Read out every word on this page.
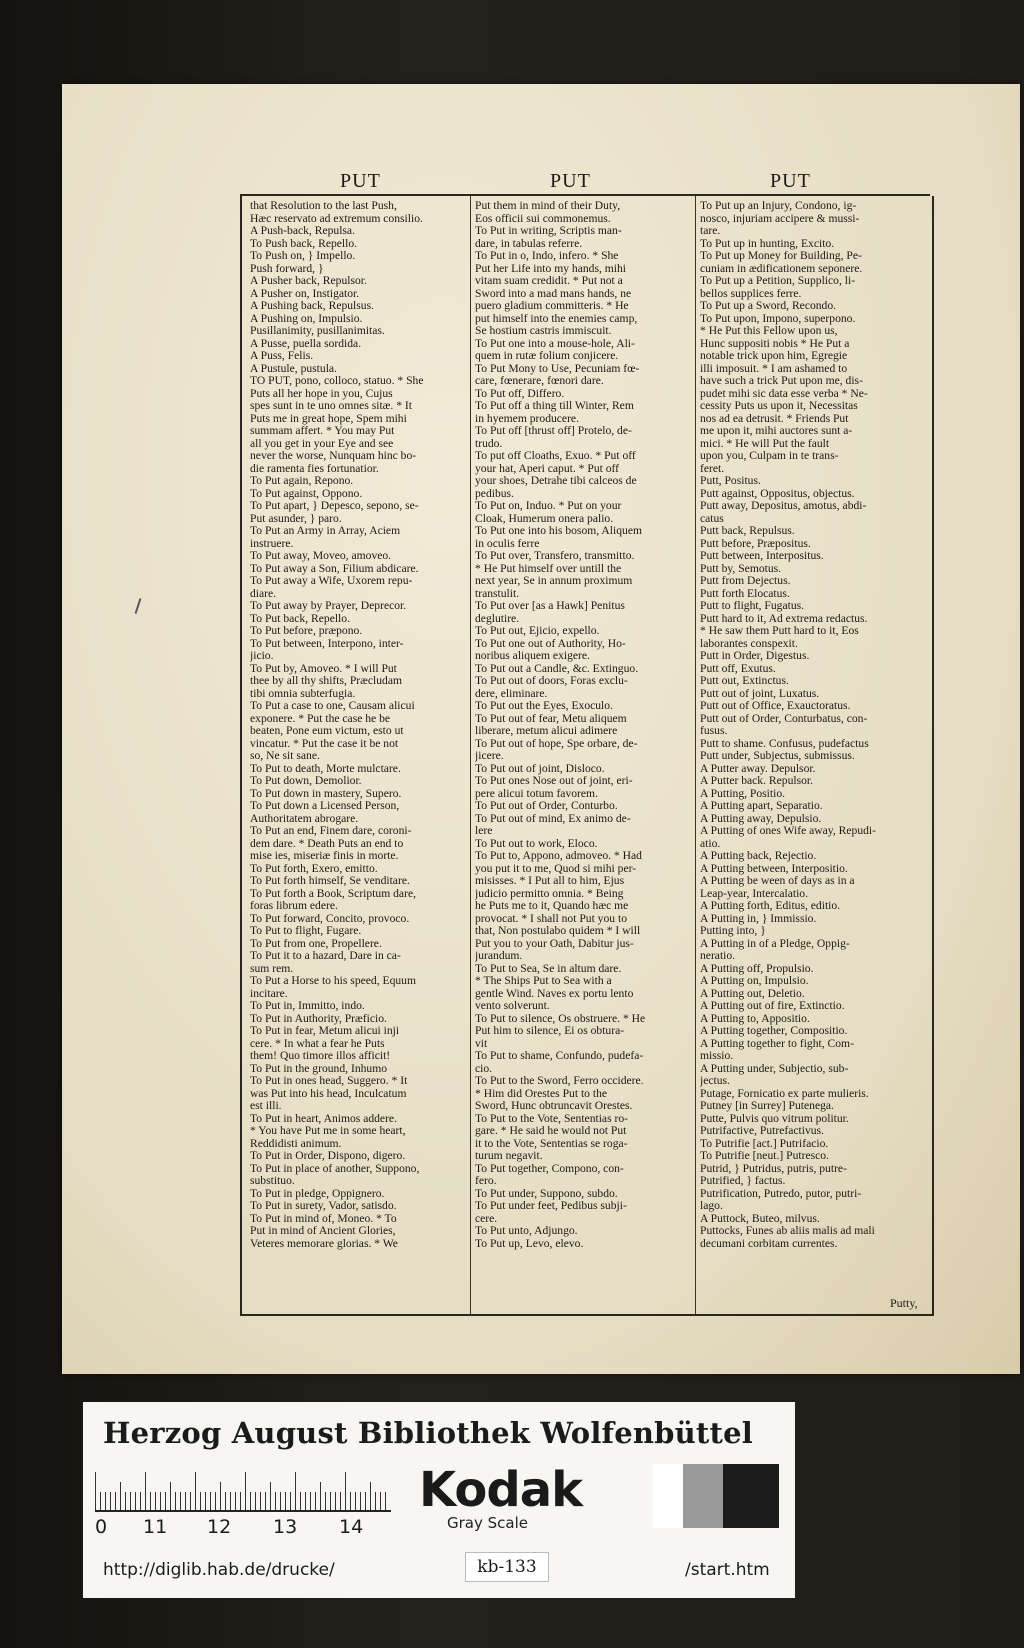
PUT	PUT	PUT
that Resolution to the last Push,
Hæc reservato ad extremum consilio.
A Push-back, Repulsa.
To Push back, Repello.
To Push on, } Impello.
Push forward, }
A Pusher back, Repulsor.
A Pusher on, Instigator.
A Pushing back, Repulsus.
A Pushing on, Impulsio.
Pusillanimity, pusillanimitas.
A Pusse, puella sordida.
A Puss, Felis.
A Pustule, pustula.
TO PUT, pono, colloco, statuo. * She
Puts all her hope in you, Cujus
spes sunt in te uno omnes sitæ. * It
Puts me in great hope, Spem mihi
summam affert. * You may Put
all you get in your Eye and see
never the worse, Nunquam hinc bo-
die ramenta fies fortunatior.
To Put again, Repono.
To Put against, Oppono.
To Put apart, } Depesco, sepono, se-
Put asunder, } paro.
To Put an Army in Array, Aciem
instruere.
To Put away, Moveo, amoveo.
To Put away a Son, Filium abdicare.
To Put away a Wife, Uxorem repu-
diare.
To Put away by Prayer, Deprecor.
To Put back, Repello.
To Put before, præpono.
To Put between, Interpono, inter-
jicio.
To Put by, Amoveo. * I will Put
thee by all thy shifts, Præcludam
tibi omnia subterfugia.
To Put a case to one, Causam alicui
exponere. * Put the case he be
beaten, Pone eum victum, esto ut
vincatur. * Put the case it be not
so, Ne sit sane.
To Put to death, Morte mulctare.
To Put down, Demolior.
To Put down in mastery, Supero.
To Put down a Licensed Person,
Authoritatem abrogare.
To Put an end, Finem dare, coroni-
dem dare. * Death Puts an end to
mise ies, miseriæ finis in morte.
To Put forth, Exero, emitto.
To Put forth himself, Se venditare.
To Put forth a Book, Scriptum dare,
foras librum edere.
To Put forward, Concito, provoco.
To Put to flight, Fugare.
To Put from one, Propellere.
To Put it to a hazard, Dare in ca-
sum rem.
To Put a Horse to his speed, Equum
incitare.
To Put in, Immitto, indo.
To Put in Authority, Præficio.
To Put in fear, Metum alicui inji
cere. * In what a fear he Puts
them! Quo timore illos afficit!
To Put in the ground, Inhumo
To Put in ones head, Suggero. * It
was Put into his head, Inculcatum
est illi.
To Put in heart, Animos addere.
* You have Put me in some heart,
Reddidisti animum.
To Put in Order, Dispono, digero.
To Put in place of another, Suppono,
substituo.
To Put in pledge, Oppignero.
To Put in surety, Vador, satisdo.
To Put in mind of, Moneo. * To
Put in mind of Ancient Glories,
Veteres memorare glorias. * We
Put them in mind of their Duty,
Eos officii sui commonemus.
To Put in writing, Scriptis man-
dare, in tabulas referre.
To Put in o, Indo, infero. * She
Put her Life into my hands, mihi
vitam suam credidit. * Put not a
Sword into a mad mans hands, ne
puero gladium committeris. * He
put himself into the enemies camp,
Se hostium castris immiscuit.
To Put one into a mouse-hole, Ali-
quem in rutæ folium conjicere.
To Put Mony to Use, Pecuniam fœ-
care, fœnerare, fœnori dare.
To Put off, Differo.
To Put off a thing till Winter, Rem
in hyemem producere.
To Put off [thrust off] Protelo, de-
trudo.
To put off Cloaths, Exuo. * Put off
your hat, Aperi caput. * Put off
your shoes, Detrahe tibi calceos de
pedibus.
To Put on, Induo. * Put on your
Cloak, Humerum onera palio.
To Put one into his bosom, Aliquem
in oculis ferre
To Put over, Transfero, transmitto.
* He Put himself over untill the
next year, Se in annum proximum
transtulit.
To Put over [as a Hawk] Penitus
deglutire.
To Put out, Ejicio, expello.
To Put one out of Authority, Ho-
noribus aliquem exigere.
To Put out a Candle, &c. Extinguo.
To Put out of doors, Foras exclu-
dere, eliminare.
To Put out the Eyes, Exoculo.
To Put out of fear, Metu aliquem
liberare, metum alicui adimere
To Put out of hope, Spe orbare, de-
jicere.
To Put out of joint, Disloco.
To Put ones Nose out of joint, eri-
pere alicui totum favorem.
To Put out of Order, Conturbo.
To Put out of mind, Ex animo de-
lere
To Put out to work, Eloco.
To Put to, Appono, admoveo. * Had
you put it to me, Quod si mihi per-
misisses. * I Put all to him, Ejus
judicio permitto omnia. * Being
he Puts me to it, Quando hæc me
provocat. * I shall not Put you to
that, Non postulabo quidem * I will
Put you to your Oath, Dabitur jus-
jurandum.
To Put to Sea, Se in altum dare.
* The Ships Put to Sea with a
gentle Wind. Naves ex portu lento
vento solverunt.
To Put to silence, Os obstruere. * He
Put him to silence, Ei os obtura-
vit
To Put to shame, Confundo, pudefa-
cio.
To Put to the Sword, Ferro occidere.
* Him did Orestes Put to the
Sword, Hunc obtruncavit Orestes.
To Put to the Vote, Sententias ro-
gare. * He said he would not Put
it to the Vote, Sententias se roga-
turum negavit.
To Put together, Compono, con-
fero.
To Put under, Suppono, subdo.
To Put under feet, Pedibus subji-
cere.
To Put unto, Adjungo.
To Put up, Levo, elevo.
To Put up an Injury, Condono, ig-
nosco, injuriam accipere & mussi-
tare.
To Put up in hunting, Excito.
To Put up Money for Building, Pe-
cuniam in ædificationem seponere.
To Put up a Petition, Supplico, li-
bellos supplices ferre.
To Put up a Sword, Recondo.
To Put upon, Impono, superpono.
* He Put this Fellow upon us,
Hunc suppositi nobis * He Put a
notable trick upon him, Egregie
illi imposuit. * I am ashamed to
have such a trick Put upon me, dis-
pudet mihi sic data esse verba * Ne-
cessity Puts us upon it, Necessitas
nos ad ea detrusit. * Friends Put
me upon it, mihi auctores sunt a-
mici. * He will Put the fault
upon you, Culpam in te trans-
feret.
Putt, Positus.
Putt against, Oppositus, objectus.
Putt away, Depositus, amotus, abdi-
catus
Putt back, Repulsus.
Putt before, Præpositus.
Putt between, Interpositus.
Putt by, Semotus.
Putt from Dejectus.
Putt forth Elocatus.
Putt to flight, Fugatus.
Putt hard to it, Ad extrema redactus.
* He saw them Putt hard to it, Eos
laborantes conspexit.
Putt in Order, Digestus.
Putt off, Exutus.
Putt out, Extinctus.
Putt out of joint, Luxatus.
Putt out of Office, Exauctoratus.
Putt out of Order, Conturbatus, con-
fusus.
Putt to shame. Confusus, pudefactus
Putt under, Subjectus, submissus.
A Putter away. Depulsor.
A Putter back. Repulsor.
A Putting, Positio.
A Putting apart, Separatio.
A Putting away, Depulsio.
A Putting of ones Wife away, Repudi-
atio.
A Putting back, Rejectio.
A Putting between, Interpositio.
A Putting be ween of days as in a
Leap-year, Intercalatio.
A Putting forth, Editus, editio.
A Putting in, } Immissio.
Putting into, }
A Putting in of a Pledge, Oppig-
neratio.
A Putting off, Propulsio.
A Putting on, Impulsio.
A Putting out, Deletio.
A Putting out of fire, Extinctio.
A Putting to, Appositio.
A Putting together, Compositio.
A Putting together to fight, Com-
missio.
A Putting under, Subjectio, sub-
jectus.
Putage, Fornicatio ex parte mulieris.
Putney [in Surrey] Putenega.
Putte, Pulvis quo vitrum politur.
Putrifactive, Putrefactivus.
To Putrifie [act.] Putrifacio.
To Putrifie [neut.] Putresco.
Putrid, } Putridus, putris, putre-
Putrified, } factus.
Putrification, Putredo, putor, putri-
lago.
A Puttock, Buteo, milvus.
Puttocks, Funes ab aliis malis ad mali
decumani corbitam currentes.
Putty,
Herzog August Bibliothek Wolfenbüttel
0 11 12 13 14
Kodak
Gray Scale
http://diglib.hab.de/drucke/	kb-133	/start.htm
